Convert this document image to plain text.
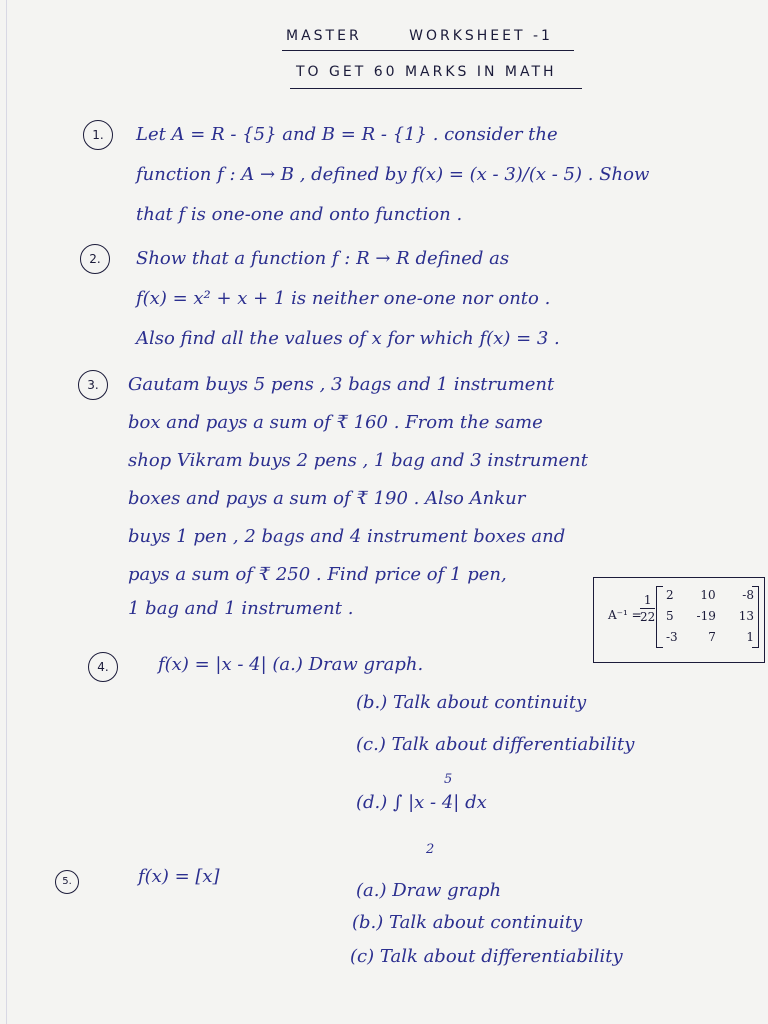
MASTER	WORKSHEET -1
TO GET 60 MARKS IN MATH
1.	Let A = R - {5} and B = R - {1} . consider the
function f : A → B , defined by f(x) = (x - 3)/(x - 5) . Show
that f is one-one and onto function .
2.	Show that a function f : R → R defined as
f(x) = x² + x + 1 is neither one-one nor onto .
Also find all the values of x for which f(x) = 3 .
3.	Gautam buys 5 pens , 3 bags and 1 instrument
box and pays a sum of ₹ 160 . From the same
shop Vikram buys 2 pens , 1 bag and 3 instrument
boxes and pays a sum of ₹ 190 . Also Ankur
buys 1 pen , 2 bags and 4 instrument boxes and
pays a sum of ₹ 250 . Find price of 1 pen,
1 bag and 1 instrument .	A⁻¹ =
$\frac{1}{22} 2$ 10 -8
5 -19 13
-3	7	1
4.	f(x) = |x - 4| (a.) Draw graph.
(b.) Talk about continuity
(c.) Talk about differentiability
(d.) ∫ |x - 4| dx
5
2
5.	f(x) = [x]
(a.) Draw graph
(b.) Talk about continuity
(c) Talk about differentiability
